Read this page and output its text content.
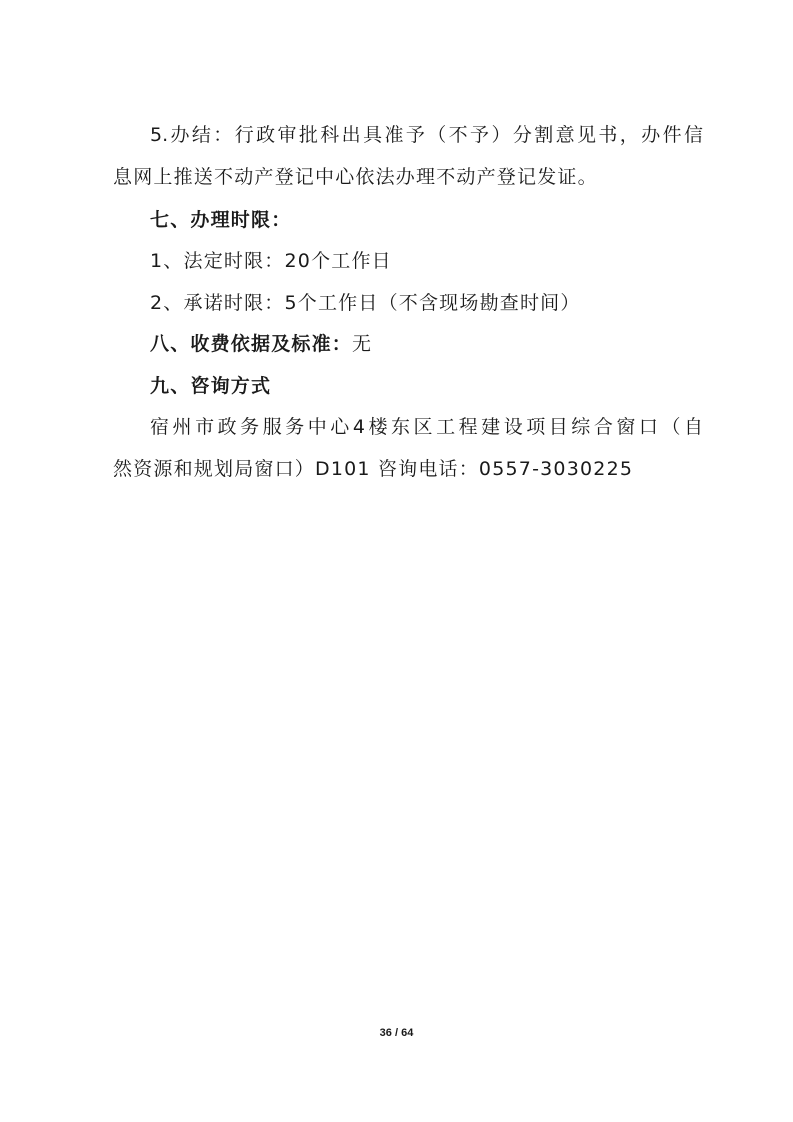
5.办结：行政审批科出具准予（不予）分割意见书，办件信
息网上推送不动产登记中心依法办理不动产登记发证。
七、办理时限：
1、法定时限：20个工作日
2、承诺时限：5个工作日（不含现场勘查时间）
八、收费依据及标准：无
九、咨询方式
宿州市政务服务中心4楼东区工程建设项目综合窗口（自
然资源和规划局窗口）D101 咨询电话：0557-3030225
36 / 64
